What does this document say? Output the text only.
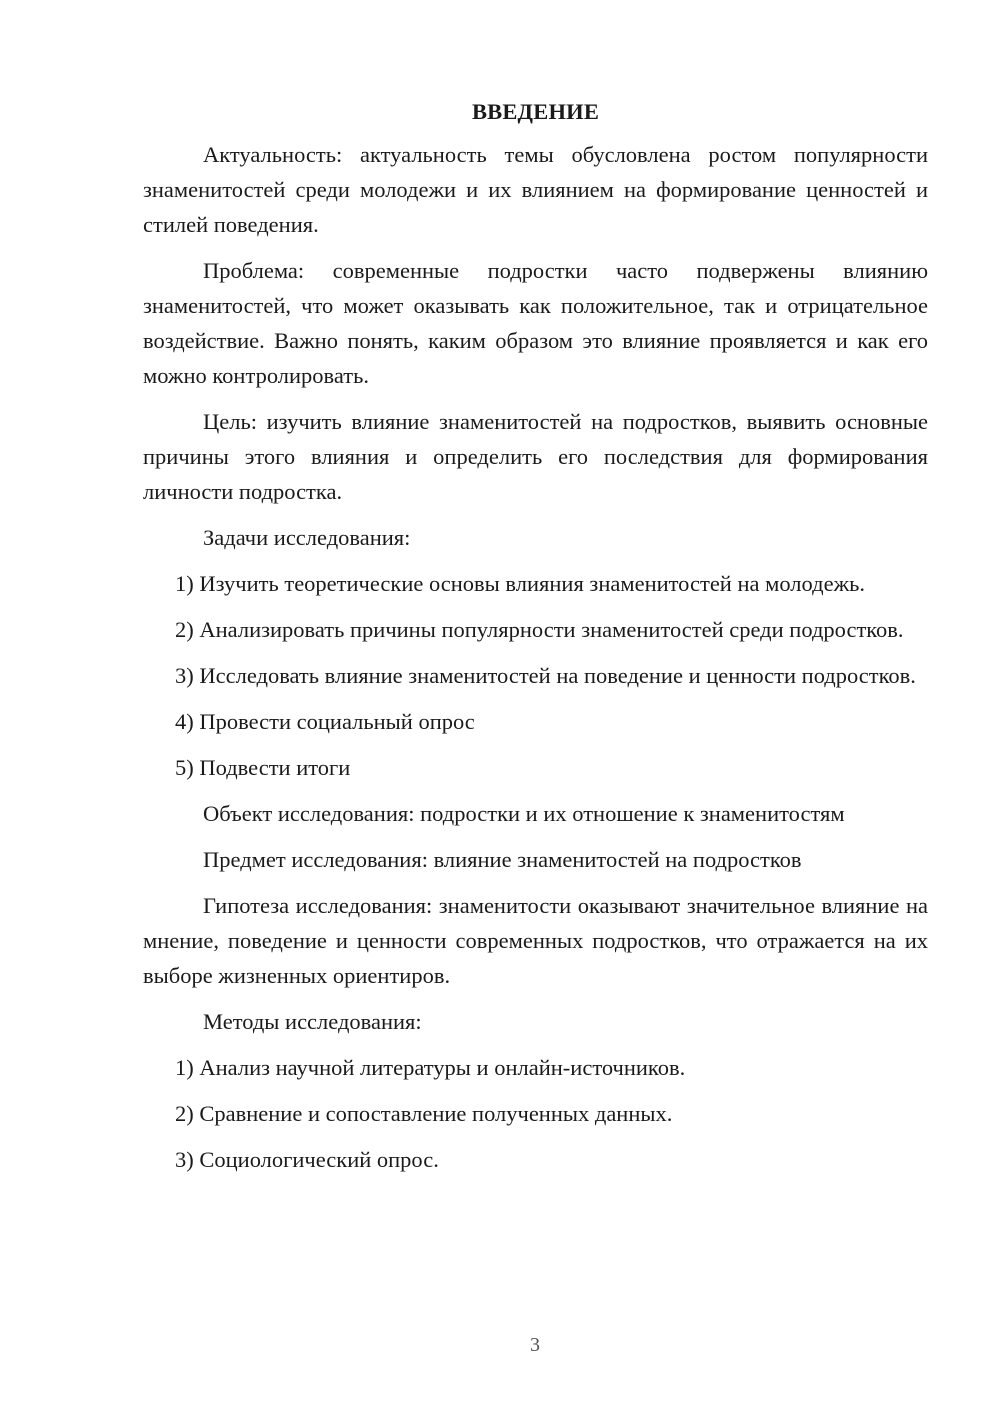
ВВЕДЕНИЕ

Актуальность: актуальность темы обусловлена ростом популярности знаменитостей среди молодежи и их влиянием на формирование ценностей и стилей поведения.

Проблема: современные подростки часто подвержены влиянию знаменитостей, что может оказывать как положительное, так и отрицательное воздействие. Важно понять, каким образом это влияние проявляется и как его можно контролировать.

Цель: изучить влияние знаменитостей на подростков, выявить основные причины этого влияния и определить его последствия для формирования личности подростка.

Задачи исследования:

1) Изучить теоретические основы влияния знаменитостей на молодежь.

2) Анализировать причины популярности знаменитостей среди подростков.

3) Исследовать влияние знаменитостей на поведение и ценности подростков.

4) Провести социальный опрос

5) Подвести итоги

Объект исследования: подростки и их отношение к знаменитостям

Предмет исследования: влияние знаменитостей на подростков

Гипотеза исследования: знаменитости оказывают значительное влияние на мнение, поведение и ценности современных подростков, что отражается на их выборе жизненных ориентиров.

Методы исследования:

1) Анализ научной литературы и онлайн-источников.

2) Сравнение и сопоставление полученных данных.

3) Социологический опрос.

3
